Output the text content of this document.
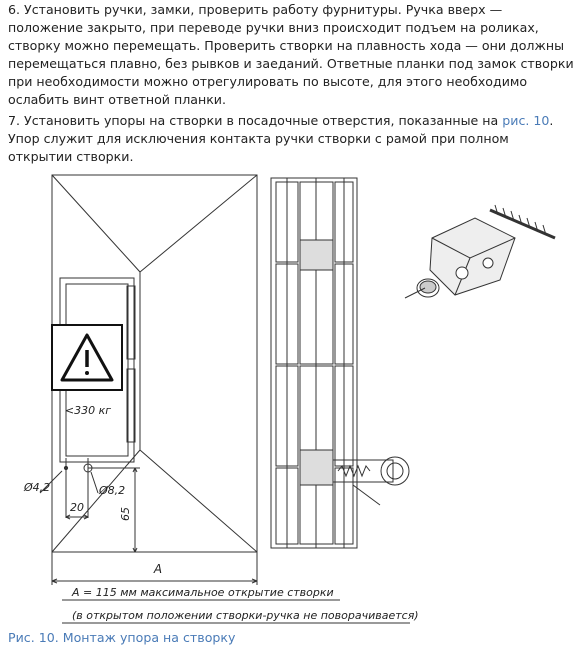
6. Установить ручки, замки, проверить работу фурнитуры. Ручка вверх — положение закрыто, при переводе ручки вниз происходит подъем на роликах, створку можно перемещать. Проверить створки на плавность хода — они должны перемещаться плавно, без рывков и заеданий. Ответные планки под замок створки при необходимости можно отрегулировать по высоте, для этого необходимо ослабить винт ответной планки.

7. Установить упоры на створки в посадочные отверстия, показанные на рис. 10. Упор служит для исключения контакта ручки створки с рамой при полном открытии створки.

<330 кг
Ø4,2	Ø8,2
20	65
A
A = 115 мм максимальное открытие створки
(в открытом положении створки-ручка не поворачивается)

Рис. 10. Монтаж упора на створку
